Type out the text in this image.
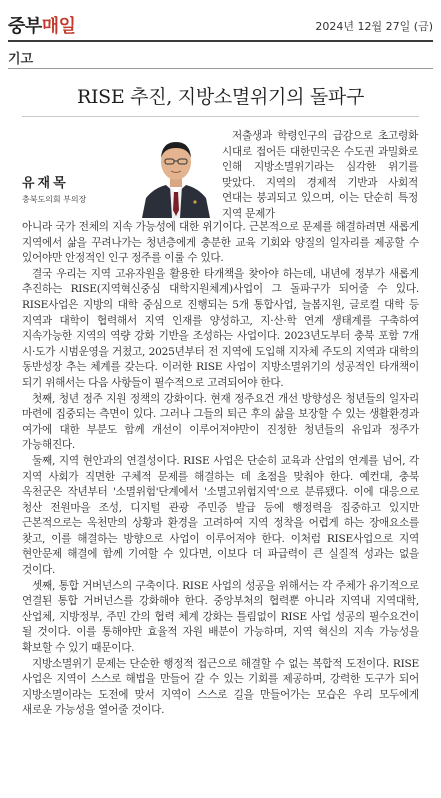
중부매일	2024년 12월 27일 (금)
기고
RISE 추진, 지방소멸위기의 돌파구
유재목
충북도의회 부의장

저출생과 학령인구의 급감으로 초고령화 시대로 접어든 대한민국은 수도권 과밀화로 인해 지방소멸위기라는 심각한 위기를 맞았다. 지역의 경제적 기반과 사회적 연대는 붕괴되고 있으며, 이는 단순히 특정 지역 문제가

아니라 국가 전체의 지속 가능성에 대한 위기이다. 근본적으로 문제를 해결하려면 새롭게 지역에서 삶을 꾸려나가는 청년층에게 충분한 교육 기회와 양질의 일자리를 제공할 수 있어야만 안정적인 인구 정주를 이룰 수 있다.

결국 우리는 지역 고유자원을 활용한 타개책을 찾아야 하는데, 내년에 정부가 새롭게 추진하는 RISE(지역혁신중심 대학지원체계)사업이 그 돌파구가 되어줄 수 있다. RISE사업은 지방의 대학 중심으로 진행되는 5개 통합사업, 늘봄지원, 글로컬 대학 등 지역과 대학이 협력해서 지역 인재를 양성하고, 지·산·학 연계 생태계를 구축하여 지속가능한 지역의 역량 강화 기반을 조성하는 사업이다. 2023년도부터 충북 포함 7개 시·도가 시범운영을 거쳤고, 2025년부터 전 지역에 도입해 지자체 주도의 지역과 대학의 동반성장 추는 체계를 갖는다. 이러한 RISE 사업이 지방소멸위기의 성공적인 타개책이 되기 위해서는 다음 사항들이 필수적으로 고려되어야 한다.

첫째, 청년 정주 지원 정책의 강화이다. 현재 정주요건 개선 방향성은 청년들의 일자리 마련에 집중되는 측면이 있다. 그러나 그들의 퇴근 후의 삶을 보장할 수 있는 생활환경과 여가에 대한 부분도 함께 개선이 이루어져야만이 진정한 청년들의 유입과 정주가 가능해진다.

둘째, 지역 현안과의 연결성이다. RISE 사업은 단순히 교육과 산업의 연계를 넘어, 각 지역 사회가 직면한 구체적 문제를 해결하는 데 초점을 맞춰야 한다. 예컨대, 충북 옥천군은 작년부터 '소멸위험'단계에서 '소멸고위험지역'으로 분류됐다. 이에 대응으로 청산 전원마을 조성, 디지털 관광 주민증 발급 등에 행정력을 집중하고 있지만 근본적으로는 옥천만의 상황과 환경을 고려하여 지역 정착을 어렵게 하는 장애요소를 찾고, 이를 해결하는 방향으로 사업이 이루어져야 한다. 이처럼 RISE사업으로 지역 현안문제 해결에 함께 기여할 수 있다면, 이보다 더 파급력이 큰 실질적 성과는 없을 것이다.

셋째, 통합 거버넌스의 구축이다. RISE 사업의 성공을 위해서는 각 주체가 유기적으로 연결된 통합 거버넌스를 강화해야 한다. 중앙부처의 협력뿐 아니라 지역내 지역대학, 산업체, 지방정부, 주민 간의 협력 체계 강화는 틀림없이 RISE 사업 성공의 필수요건이 될 것이다. 이를 통해야만 효율적 자원 배분이 가능하며, 지역 혁신의 지속 가능성을 확보할 수 있기 때문이다.

지방소멸위기 문제는 단순한 행정적 접근으로 해결할 수 없는 복합적 도전이다. RISE 사업은 지역이 스스로 해법을 만들어 갈 수 있는 기회를 제공하며, 강력한 도구가 되어 지방소멸이라는 도전에 맞서 지역이 스스로 길을 만들어가는 모습은 우리 모두에게 새로운 가능성을 열어줄 것이다.
